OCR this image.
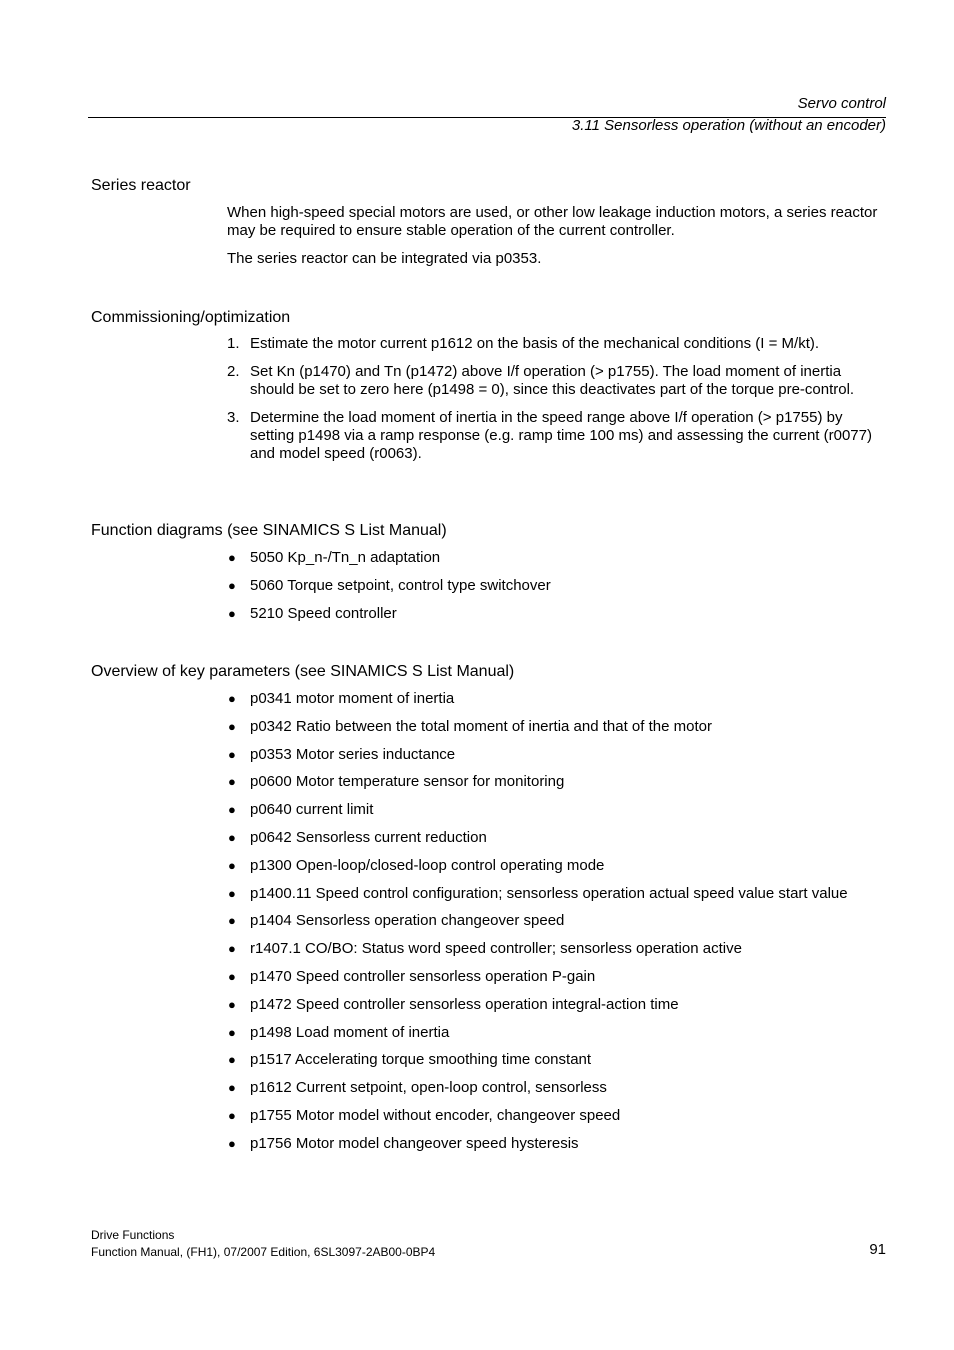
Servo control
3.11 Sensorless operation (without an encoder)
Series reactor

When high-speed special motors are used, or other low leakage induction motors, a series reactor may be required to ensure stable operation of the current controller.

The series reactor can be integrated via p0353.

Commissioning/optimization
1. Estimate the motor current p1612 on the basis of the mechanical conditions (I = M/kt).
2. Set Kn (p1470) and Tn (p1472) above I/f operation (> p1755). The load moment of inertia should be set to zero here (p1498 = 0), since this deactivates part of the torque pre-control.
3. Determine the load moment of inertia in the speed range above I/f operation (> p1755) by setting p1498 via a ramp response (e.g. ramp time 100 ms) and assessing the current (r0077) and model speed (r0063).
Function diagrams (see SINAMICS S List Manual)
● 5050 Kp_n-/Tn_n adaptation
● 5060 Torque setpoint, control type switchover
● 5210 Speed controller
Overview of key parameters (see SINAMICS S List Manual)
● p0341 motor moment of inertia
● p0342 Ratio between the total moment of inertia and that of the motor
● p0353 Motor series inductance
● p0600 Motor temperature sensor for monitoring
● p0640 current limit
● p0642 Sensorless current reduction
● p1300 Open-loop/closed-loop control operating mode
● p1400.11 Speed control configuration; sensorless operation actual speed value start value
● p1404 Sensorless operation changeover speed
● r1407.1 CO/BO: Status word speed controller; sensorless operation active
● p1470 Speed controller sensorless operation P-gain
● p1472 Speed controller sensorless operation integral-action time
● p1498 Load moment of inertia
● p1517 Accelerating torque smoothing time constant
● p1612 Current setpoint, open-loop control, sensorless
● p1755 Motor model without encoder, changeover speed
● p1756 Motor model changeover speed hysteresis
Drive Functions
Function Manual, (FH1), 07/2007 Edition, 6SL3097-2AB00-0BP4	91
